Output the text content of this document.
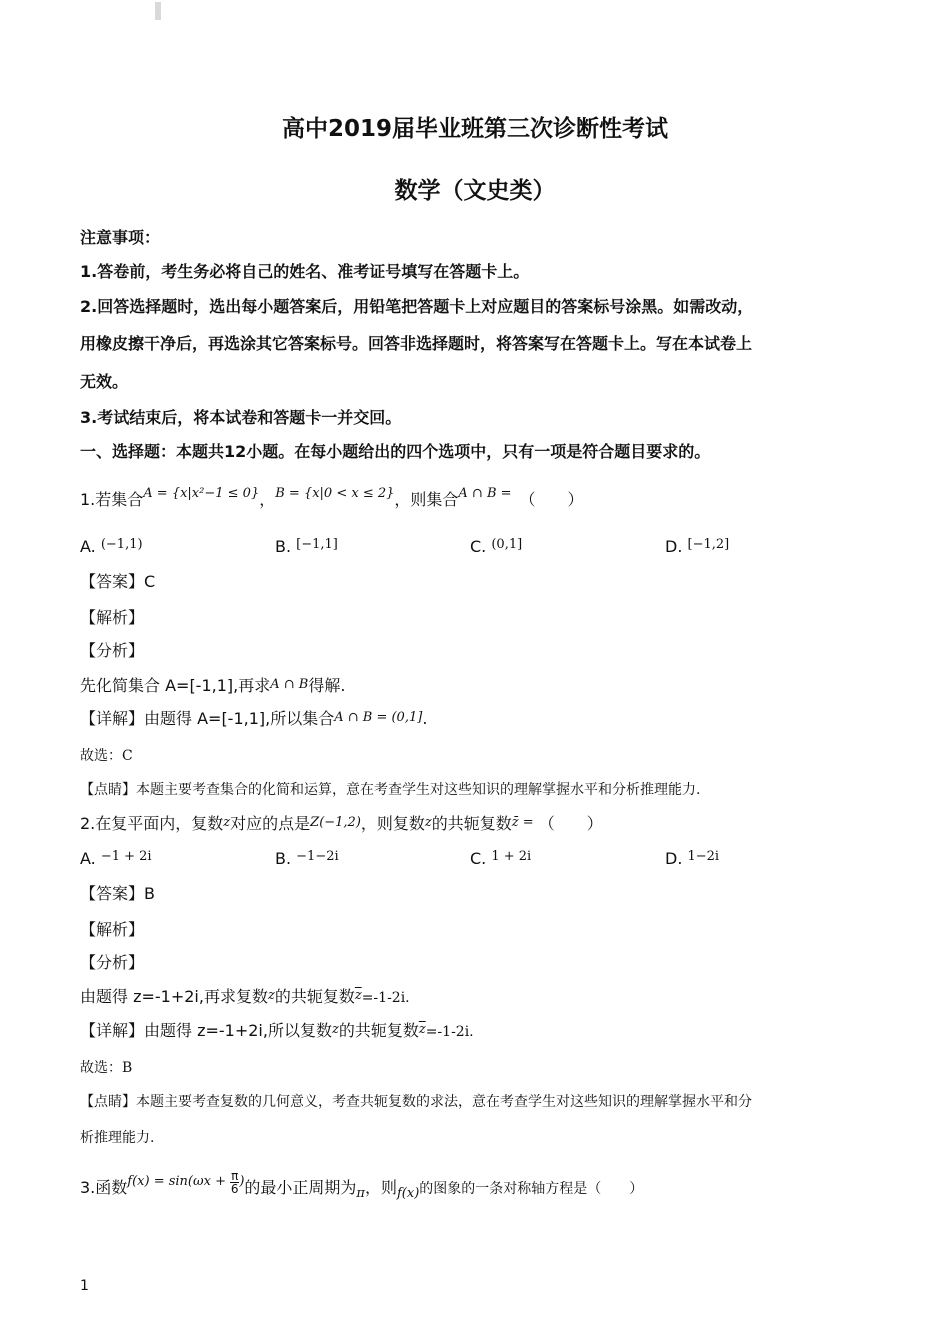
高中2019届毕业班第三次诊断性考试
数学（文史类）
注意事项：
1.答卷前，考生务必将自己的姓名、准考证号填写在答题卡上。
2.回答选择题时，选出每小题答案后，用铅笔把答题卡上对应题目的答案标号涂黑。如需改动，
用橡皮擦干净后，再选涂其它答案标号。回答非选择题时，将答案写在答题卡上。写在本试卷上
无效。
3.考试结束后，将本试卷和答题卡一并交回。
一、选择题：本题共12小题。在每小题给出的四个选项中，只有一项是符合题目要求的。
1.若集合$^{A = \{x|x^2-1 \le 0\}}$，$^{B = \{x|0 < x \le 2\}}$，则集合$^{A \cap B =}$　 （　　）
A. $^{(-1,1)}$	B. [−1,1]	C. $^{(0,1]}$	D. [−1,2]
【答案】C
【解析】
【分析】
先化简集合 A=[-1,1],再求A ∩ B得解.
【详解】由题得 A=[-1,1],所以集合A ∩ B = (0,1].
故选：C
【点睛】本题主要考查集合的化简和运算，意在考查学生对这些知识的理解掌握水平和分析推理能力.
2.在复平面内，复数z对应的点是Z(−1,2)，则复数z的共轭复数z̄ = （　　）
A. $^{-1 + 2i}$	B. $^{-1-2i}$	C. $^{1 + 2i}$	D. $^{1-2i}$
【答案】B
【解析】
【分析】
由题得 z=-1+2i,再求复数z的共轭复数$\overline{z}=-1-2i$.
【详解】由题得 z=-1+2i,所以复数z的共轭复数$\overline{z}=-1-2i$.
故选：B
【点睛】本题主要考查复数的几何意义，考查共轭复数的求法，意在考查学生对这些知识的理解掌握水平和分
析推理能力.
3.函数$^{f(x) = sin(\omega x +} \frac{\pi}{6} ^)$的最小正周期为$_\pi$，则$_{f(x)}$的图象的一条对称轴方程是（　　）
1
